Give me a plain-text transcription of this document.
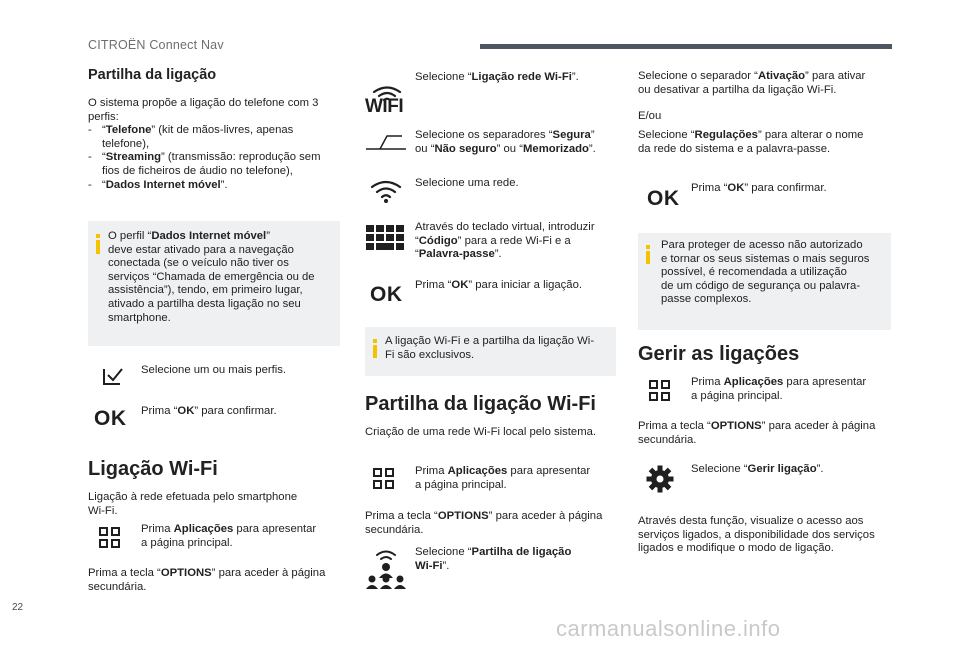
CITROËN Connect Nav
Partilha da ligação
O sistema propõe a ligação do telefone com 3
perfis:
- “Telefone” (kit de mãos-livres, apenas
telefone),
- “Streaming” (transmissão: reprodução sem
fios de ficheiros de áudio no telefone),
- “Dados Internet móvel”.
O perfil “Dados Internet móvel”
deve estar ativado para a navegação
conectada (se o veículo não tiver os
serviços “Chamada de emergência ou de
assistência”), tendo, em primeiro lugar,
ativado a partilha desta ligação no seu
smartphone.
Selecione um ou mais perfis.
OK Prima “OK” para confirmar.
Ligação Wi-Fi
Ligação à rede efetuada pelo smartphone
Wi-Fi.
Prima Aplicações para apresentar
a página principal.
Prima a tecla “OPTIONS” para aceder à página
secundária.
WIFI
Selecione “Ligação rede Wi-Fi”.
Selecione os separadores “Segura”
ou “Não seguro” ou “Memorizado”.
Selecione uma rede.
Através do teclado virtual, introduzir
“Código” para a rede Wi-Fi e a
“Palavra-passe”.
OK Prima “OK” para iniciar a ligação.
A ligação Wi-Fi e a partilha da ligação Wi-
Fi são exclusivos.
Partilha da ligação Wi-Fi
Criação de uma rede Wi-Fi local pelo sistema.
Prima Aplicações para apresentar
a página principal.
Prima a tecla “OPTIONS” para aceder à página
secundária.
Selecione “Partilha de ligação
Wi-Fi”.
Selecione o separador “Ativação” para ativar
ou desativar a partilha da ligação Wi-Fi.
E/ou
Selecione “Regulações” para alterar o nome
da rede do sistema e a palavra-passe.
OK Prima “OK” para confirmar.
Para proteger de acesso não autorizado
e tornar os seus sistemas o mais seguros
possível, é recomendada a utilização
de um código de segurança ou palavra-
passe complexos.
Gerir as ligações
Prima Aplicações para apresentar
a página principal.
Prima a tecla “OPTIONS” para aceder à página
secundária.
Selecione “Gerir ligação”.
Através desta função, visualize o acesso aos
serviços ligados, a disponibilidade dos serviços
ligados e modifique o modo de ligação.
22
carmanualsonline.info
